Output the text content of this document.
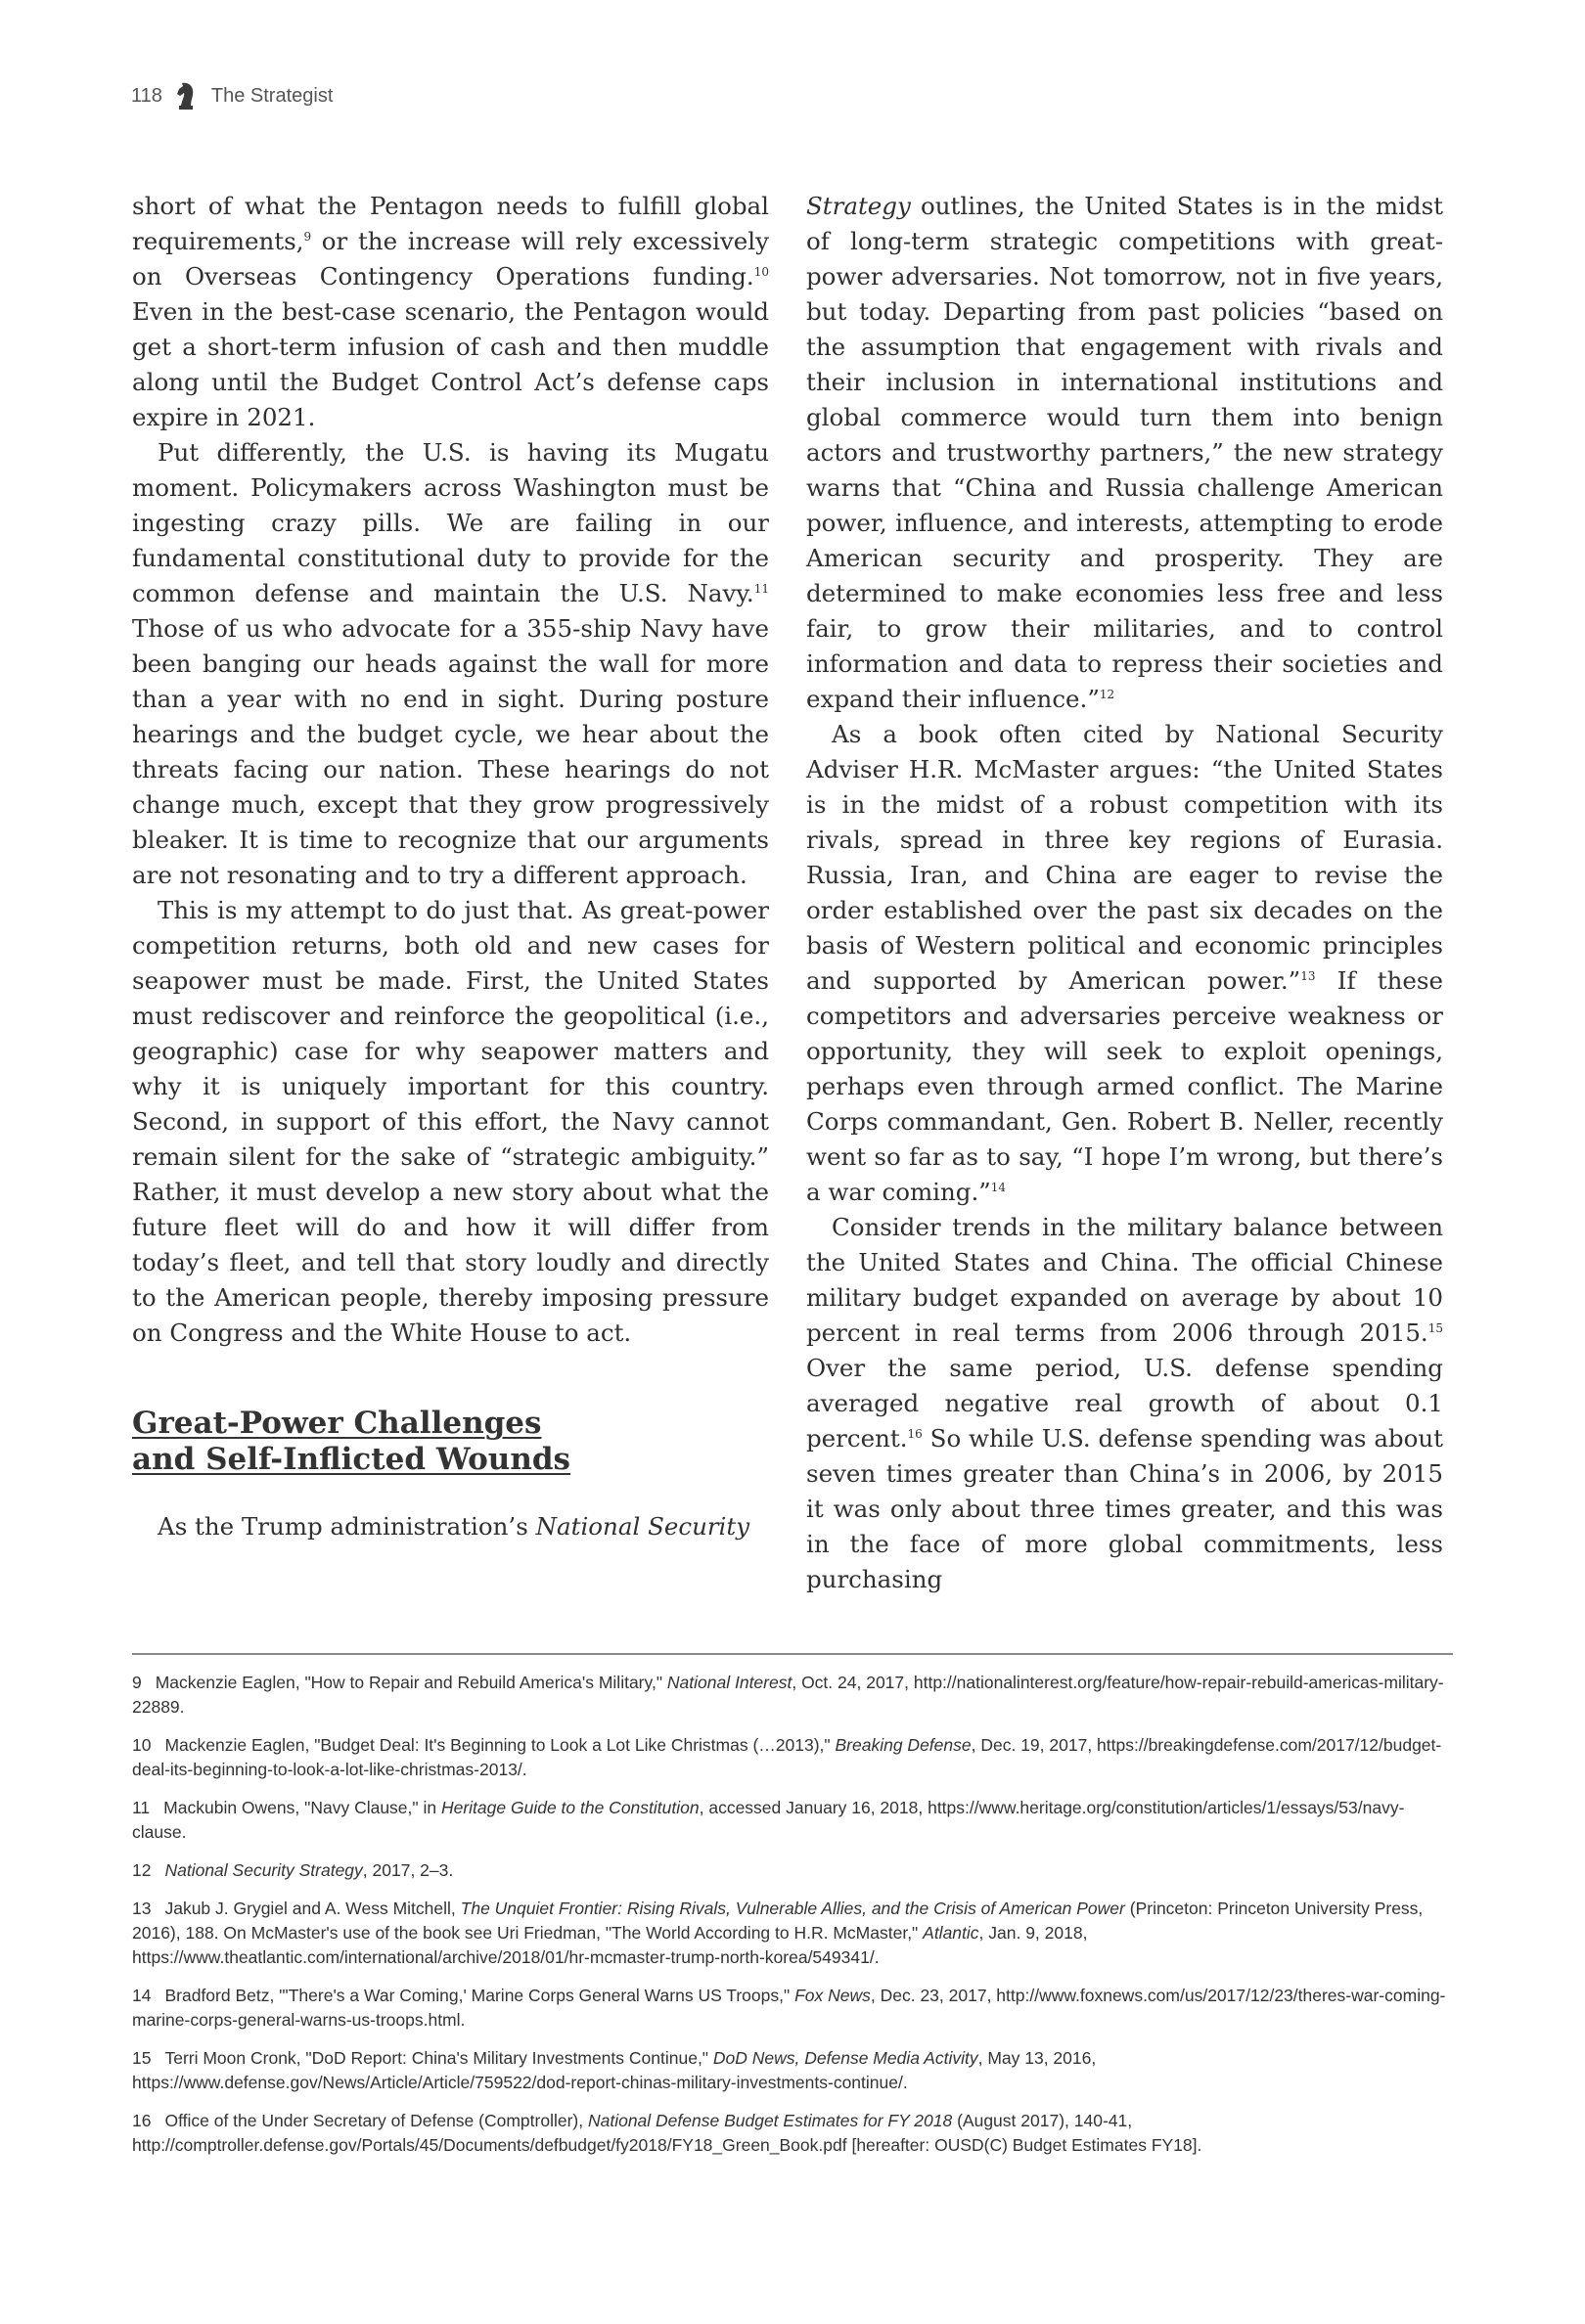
118	The Strategist

short of what the Pentagon needs to fulfill global requirements,$^9$ or the increase will rely excessively on Overseas Contingency Operations funding.$^{10}$ Even in the best-case scenario, the Pentagon would get a short-term infusion of cash and then muddle along until the Budget Control Act’s defense caps expire in 2021.

Put differently, the U.S. is having its Mugatu moment. Policymakers across Washington must be ingesting crazy pills. We are failing in our fundamental constitutional duty to provide for the common defense and maintain the U.S. Navy.$^{11}$ Those of us who advocate for a 355-ship Navy have been banging our heads against the wall for more than a year with no end in sight. During posture hearings and the budget cycle, we hear about the threats facing our nation. These hearings do not change much, except that they grow progressively bleaker. It is time to recognize that our arguments are not resonating and to try a different approach.

This is my attempt to do just that. As great-power competition returns, both old and new cases for seapower must be made. First, the United States must rediscover and reinforce the geopolitical (i.e., geographic) case for why seapower matters and why it is uniquely important for this country. Second, in support of this effort, the Navy cannot remain silent for the sake of “strategic ambiguity.” Rather, it must develop a new story about what the future fleet will do and how it will differ from today’s fleet, and tell that story loudly and directly to the American people, thereby imposing pressure on Congress and the White House to act.

Great-Power Challenges
and Self-Inflicted Wounds

As the Trump administration’s National Security

Strategy outlines, the United States is in the midst of long-term strategic competitions with great-power adversaries. Not tomorrow, not in five years, but today. Departing from past policies “based on the assumption that engagement with rivals and their inclusion in international institutions and global commerce would turn them into benign actors and trustworthy partners,” the new strategy warns that “China and Russia challenge American power, influence, and interests, attempting to erode American security and prosperity. They are determined to make economies less free and less fair, to grow their militaries, and to control information and data to repress their societies and expand their influence.”$^{12}$

As a book often cited by National Security Adviser H.R. McMaster argues: “the United States is in the midst of a robust competition with its rivals, spread in three key regions of Eurasia. Russia, Iran, and China are eager to revise the order established over the past six decades on the basis of Western political and economic principles and supported by American power.”$^{13}$ If these competitors and adversaries perceive weakness or opportunity, they will seek to exploit openings, perhaps even through armed conflict. The Marine Corps commandant, Gen. Robert B. Neller, recently went so far as to say, “I hope I’m wrong, but there’s a war coming.”$^{14}$

Consider trends in the military balance between the United States and China. The official Chinese military budget expanded on average by about 10 percent in real terms from 2006 through 2015.15 Over the same period, U.S. defense spending averaged negative real growth of about 0.1 percent.$^{16}$ So while U.S. defense spending was about seven times greater than China’s in 2006, by 2015 it was only about three times greater, and this was in the face of more global commitments, less purchasing

9 Mackenzie Eaglen, "How to Repair and Rebuild America's Military," National Interest, Oct. 24, 2017, http://nationalinterest.org/feature/how-repair-rebuild-americas-military-22889.
10 Mackenzie Eaglen, "Budget Deal: It's Beginning to Look a Lot Like Christmas (…2013)," Breaking Defense, Dec. 19, 2017, https://breakingdefense.com/2017/12/budget-deal-its-beginning-to-look-a-lot-like-christmas-2013/.
11 Mackubin Owens, "Navy Clause," in Heritage Guide to the Constitution, accessed January 16, 2018, https://www.heritage.org/constitution/articles/1/essays/53/navy-clause.
12 National Security Strategy, 2017, 2–3.
13 Jakub J. Grygiel and A. Wess Mitchell, The Unquiet Frontier: Rising Rivals, Vulnerable Allies, and the Crisis of American Power (Princeton: Princeton University Press, 2016), 188. On McMaster's use of the book see Uri Friedman, "The World According to H.R. McMaster," Atlantic, Jan. 9, 2018, https://www.theatlantic.com/international/archive/2018/01/hr-mcmaster-trump-north-korea/549341/.
14 Bradford Betz, "'There's a War Coming,' Marine Corps General Warns US Troops," Fox News, Dec. 23, 2017, http://www.foxnews.com/us/2017/12/23/theres-war-coming-marine-corps-general-warns-us-troops.html.
15 Terri Moon Cronk, "DoD Report: China's Military Investments Continue," DoD News, Defense Media Activity, May 13, 2016, https://www.defense.gov/News/Article/Article/759522/dod-report-chinas-military-investments-continue/.
16 Office of the Under Secretary of Defense (Comptroller), National Defense Budget Estimates for FY 2018 (August 2017), 140-41, http://comptroller.defense.gov/Portals/45/Documents/defbudget/fy2018/FY18_Green_Book.pdf [hereafter: OUSD(C) Budget Estimates FY18].
